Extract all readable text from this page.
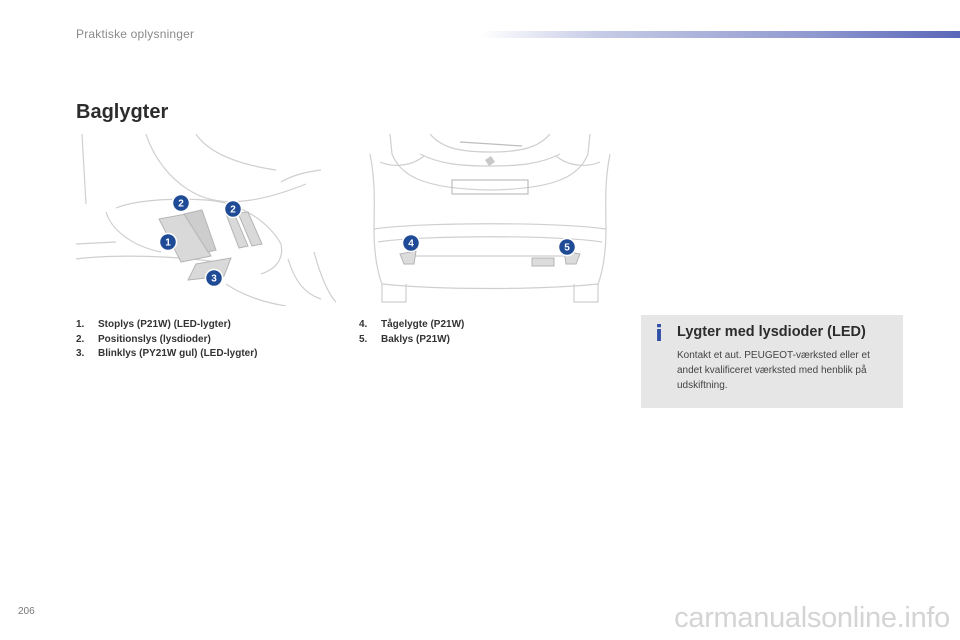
Praktiske oplysninger
Baglygter
2
2
1
3
4	5
1.	Stoplys (P21W) (LED-lygter)
2.	Positionslys (lysdioder)
3.	Blinklys (PY21W gul) (LED-lygter)
4.	Tågelygte (P21W)
5.	Baklys (P21W)	i Lygter med lysdioder (LED)
Kontakt et aut. PEUGEOT-værksted eller et andet kvalificeret værksted med henblik på udskiftning.
206	carmanualsonline.info
